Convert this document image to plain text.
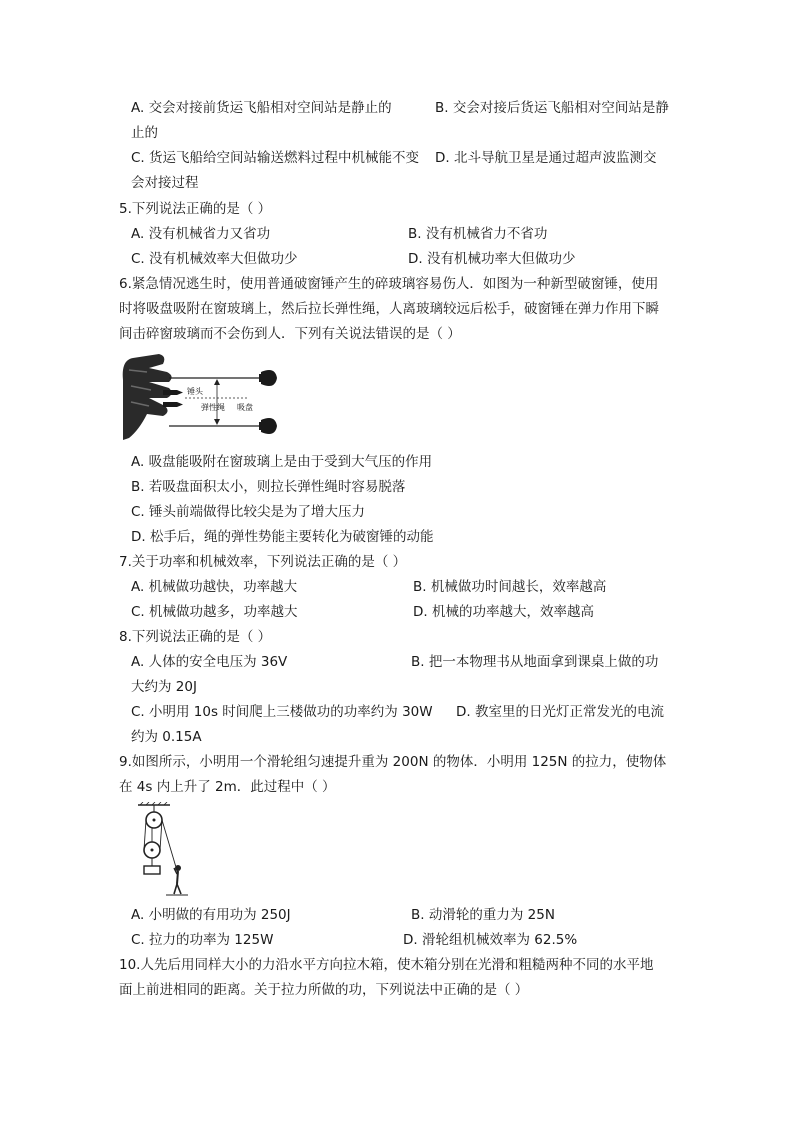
A. 交会对接前货运飞船相对空间站是静止的	B. 交会对接后货运飞船相对空间站是静
止的
C. 货运飞船给空间站输送燃料过程中机械能不变 D. 北斗导航卫星是通过超声波监测交
会对接过程
5.下列说法正确的是（ ）
A. 没有机械省力又省功	B. 没有机械省力不省功
C. 没有机械效率大但做功少	D. 没有机械功率大但做功少
6.紧急情况逃生时，使用普通破窗锤产生的碎玻璃容易伤人．如图为一种新型破窗锤，使用
时将吸盘吸附在窗玻璃上，然后拉长弹性绳，人离玻璃较远后松手，破窗锤在弹力作用下瞬
间击碎窗玻璃而不会伤到人．下列有关说法错误的是（ ）
锤头
弹性绳 吸盘
A. 吸盘能吸附在窗玻璃上是由于受到大气压的作用
B. 若吸盘面积太小，则拉长弹性绳时容易脱落
C. 锤头前端做得比较尖是为了增大压力
D. 松手后，绳的弹性势能主要转化为破窗锤的动能
7.关于功率和机械效率，下列说法正确的是（ ）
A. 机械做功越快，功率越大	B. 机械做功时间越长，效率越高
C. 机械做功越多，功率越大	D. 机械的功率越大，效率越高
8.下列说法正确的是（ ）
A. 人体的安全电压为 36V	B. 把一本物理书从地面拿到课桌上做的功
大约为 20J
C. 小明用 10s 时间爬上三楼做功的功率约为 30W D. 教室里的日光灯正常发光的电流
约为 0.15A
9.如图所示，小明用一个滑轮组匀速提升重为 200N 的物体．小明用 125N 的拉力，使物体
在 4s 内上升了 2m．此过程中（ ）
A. 小明做的有用功为 250J	B. 动滑轮的重力为 25N
C. 拉力的功率为 125W	D. 滑轮组机械效率为 62.5%
10.人先后用同样大小的力沿水平方向拉木箱，使木箱分别在光滑和粗糙两种不同的水平地
面上前进相同的距离。关于拉力所做的功，下列说法中正确的是（ ）
